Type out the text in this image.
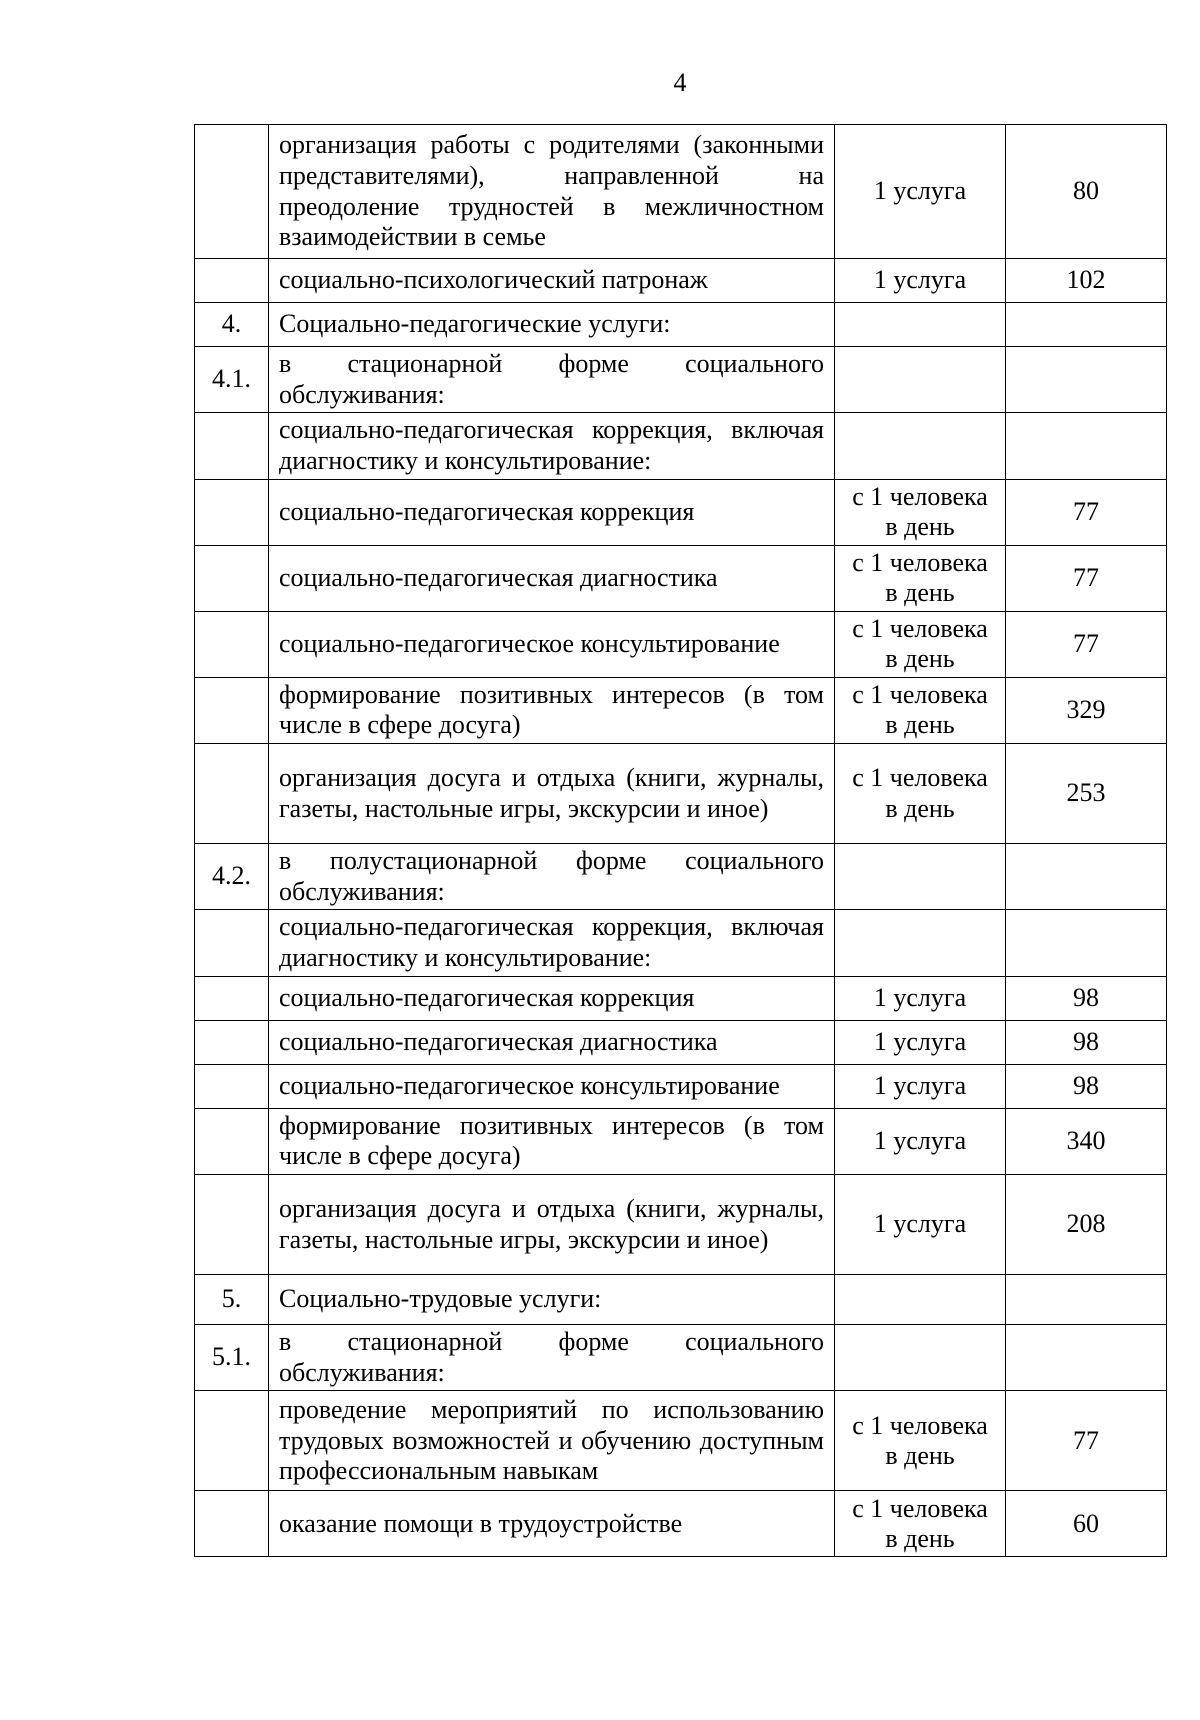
4
	организация работы с родителями (законными представителями), направленной на преодоление трудностей в межличностном взаимодействии в семье	1 услуга	80
	социально-психологический патронаж	1 услуга	102
4.	Социально-педагогические услуги:		
4.1.	в стационарной форме социального обслуживания:		
	социально-педагогическая коррекция, включая диагностику и консультирование:		
	социально-педагогическая коррекция	с 1 человека в день	77
	социально-педагогическая диагностика	с 1 человека в день	77
	социально-педагогическое консультирование	с 1 человека в день	77
	формирование позитивных интересов (в том числе в сфере досуга)	с 1 человека в день	329
	организация досуга и отдыха (книги, журналы, газеты, настольные игры, экскурсии и иное)	с 1 человека в день	253
4.2.	в полустационарной форме социального обслуживания:		
	социально-педагогическая коррекция, включая диагностику и консультирование:		
	социально-педагогическая коррекция	1 услуга	98
	социально-педагогическая диагностика	1 услуга	98
	социально-педагогическое консультирование	1 услуга	98
	формирование позитивных интересов (в том числе в сфере досуга)	1 услуга	340
	организация досуга и отдыха (книги, журналы, газеты, настольные игры, экскурсии и иное)	1 услуга	208
5.	Социально-трудовые услуги:		
5.1.	в стационарной форме социального обслуживания:		
	проведение мероприятий по использованию трудовых возможностей и обучению доступным профессиональным навыкам	с 1 человека в день	77
	оказание помощи в трудоустройстве	с 1 человека в день	60
